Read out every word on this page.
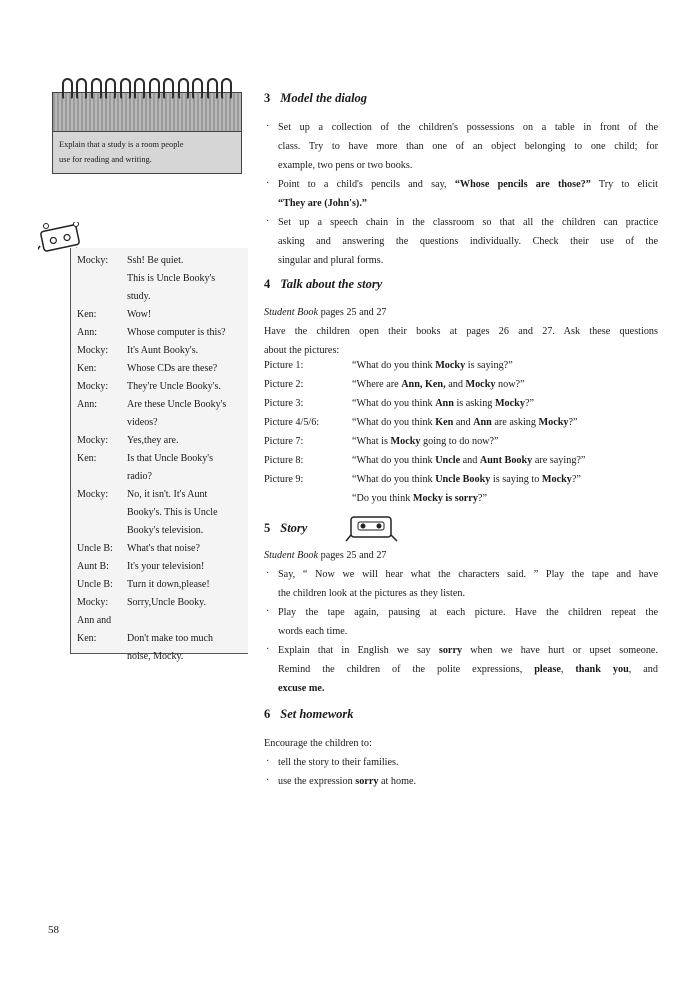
Explain that a study is a room people
use for reading and writing.
Mocky: Ssh! Be quiet.
This is Uncle Booky's
study.
Ken:	Wow!
Ann:	Whose computer is this?
Mocky: It's Aunt Booky's.
Ken:	Whose CDs are these?
Mocky: They're Uncle Booky's.
Ann:	Are these Uncle Booky's
videos?
Mocky: Yes,they are.
Ken:	Is that Uncle Booky's
radio?
Mocky: No, it isn't. It's Aunt
Booky's. This is Uncle
Booky's television.
Uncle B: What's that noise?
Aunt B: It's your television!
Uncle B: Turn it down,please!
Mocky: Sorry,Uncle Booky.
Ann and
Ken:	Don't make too much
noise, Mocky.
3 Model the dialog
· Set up a collection of the children's possessions on a table in front of the
class. Try to have more than one of an object belonging to one child; for
example, two pens or two books.
· Point to a child's pencils and say, “Whose pencils are those?” Try to elicit
“They are (John's).”
· Set up a speech chain in the classroom so that all the children can practice
asking and answering the questions individually. Check their use of the
singular and plural forms.
4 Talk about the story
Student Book pages 25 and 27
Have the children open their books at pages 26 and 27. Ask these questions
about the pictures:
Picture 1:	“What do you think Mocky is saying?”
Picture 2:	“Where are Ann, Ken, and Mocky now?”
Picture 3:	“What do you think Ann is asking Mocky?”
Picture 4/5/6:	“What do you think Ken and Ann are asking Mocky?”
Picture 7:	“What is Mocky going to do now?”
Picture 8:	“What do you think Uncle and Aunt Booky are saying?”
Picture 9:	“What do you think Uncle Booky is saying to Mocky?”
“Do you think Mocky is sorry?”
5 Story
Student Book pages 25 and 27
· Say, “ Now we will hear what the characters said. ” Play the tape and have
the children look at the pictures as they listen.
· Play the tape again, pausing at each picture. Have the children repeat the
words each time.
· Explain that in English we say sorry when we have hurt or upset someone.
Remind the children of the polite expressions, please, thank you, and
excuse me.
6 Set homework
Encourage the children to:
· tell the story to their families.
· use the expression sorry at home.
58
